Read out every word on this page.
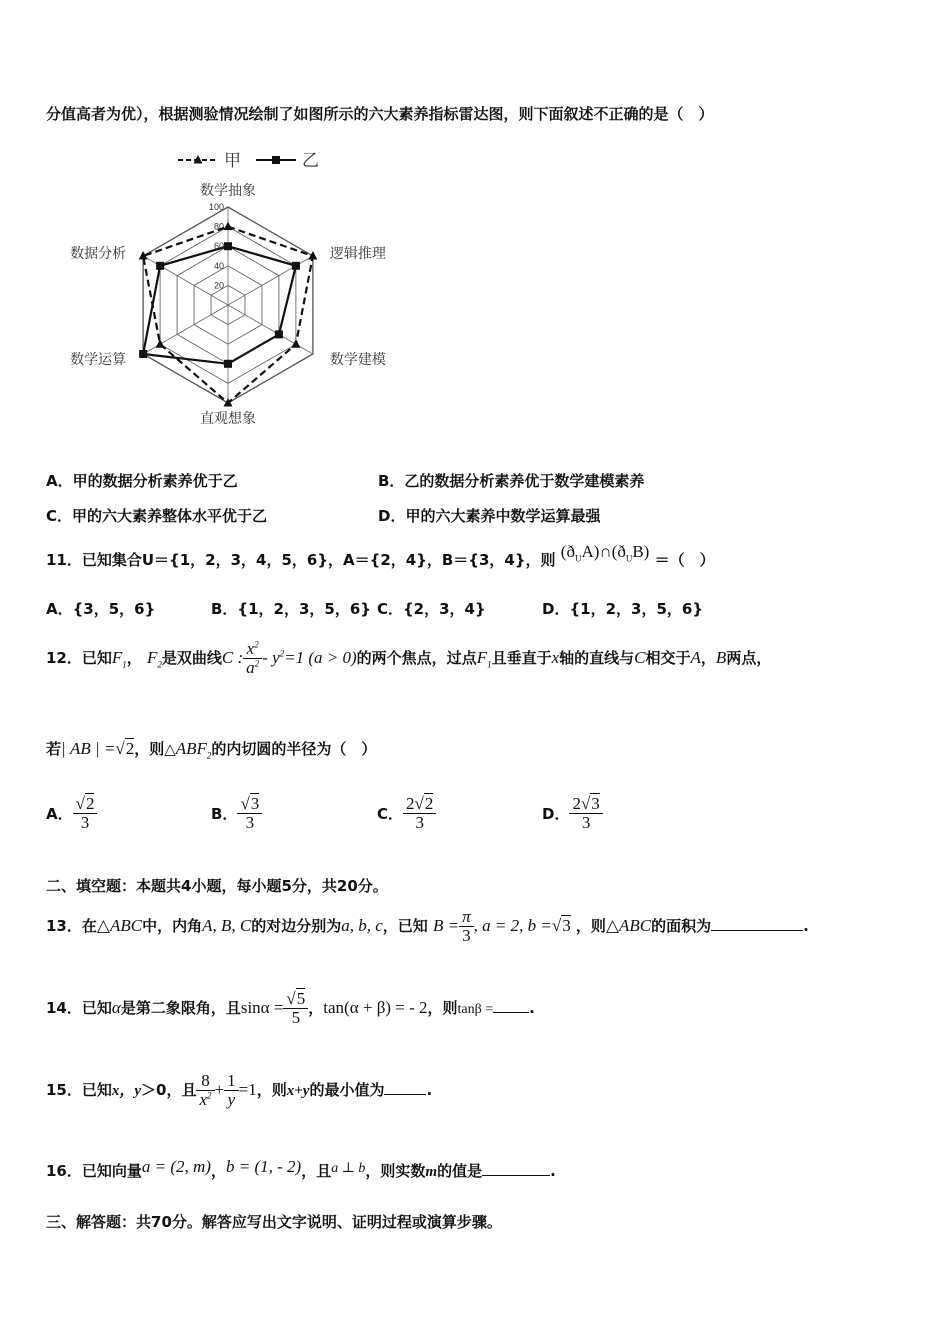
分值高者为优），根据测验情况绘制了如图所示的六大素养指标雷达图，则下面叙述不正确的是（　）
甲	乙
100
80
60
40
20
数学抽象
逻辑推理
数学建模
直观想象
数学运算
数据分析
A．甲的数据分析素养优于乙	B．乙的数据分析素养优于数学建模素养
C．甲的六大素养整体水平优于乙	D．甲的六大素养中数学运算最强
11．已知集合U＝{1，2，3，4，5，6}，A＝{2，4}，B＝{3，4}，则 $(ð_UA)\cap(ð_UB)$ ＝（　）
A．{3，5，6}	B．{1，2，3，5，6} C．{2，3，4}	D．{1，2，3，5，6}
12．已知$F_1$， $F_2$是双曲线C : $\frac{x^2}{a^2} - y^2=1$ (a > 0)的两个焦点，过点$F_1$且垂直于x轴的直线与C相交于A，B两点，
若| AB | =√2，则$\triangle ABF_2$的内切圆的半径为（　）
A． $\frac{√2}{3}$	B． $\frac{√3}{3}$	C． $\frac{2√2}{3}$	D． $\frac{2√3}{3}$
二、填空题：本题共4小题，每小题5分，共20分。
13．在△ABC中，内角A, B, C的对边分别为a, b, c，已知 $B = \frac{\pi}{3}$ , a = 2, b =√3 ，则△ABC的面积为	.
14．已知α是第二象限角，且$\sin\alpha = \frac{√5}{5}$ ，tan(α + β) = - 2，则tanβ = .
15．已知x，y＞0，且 $\frac{8}{x^2} + \frac{1}{y} =1$，则x+y的最小值为	.
16．已知向量a = (2, m)，b = (1, - 2)，且a ⊥ b，则实数m的值是	.
三、解答题：共70分。解答应写出文字说明、证明过程或演算步骤。
